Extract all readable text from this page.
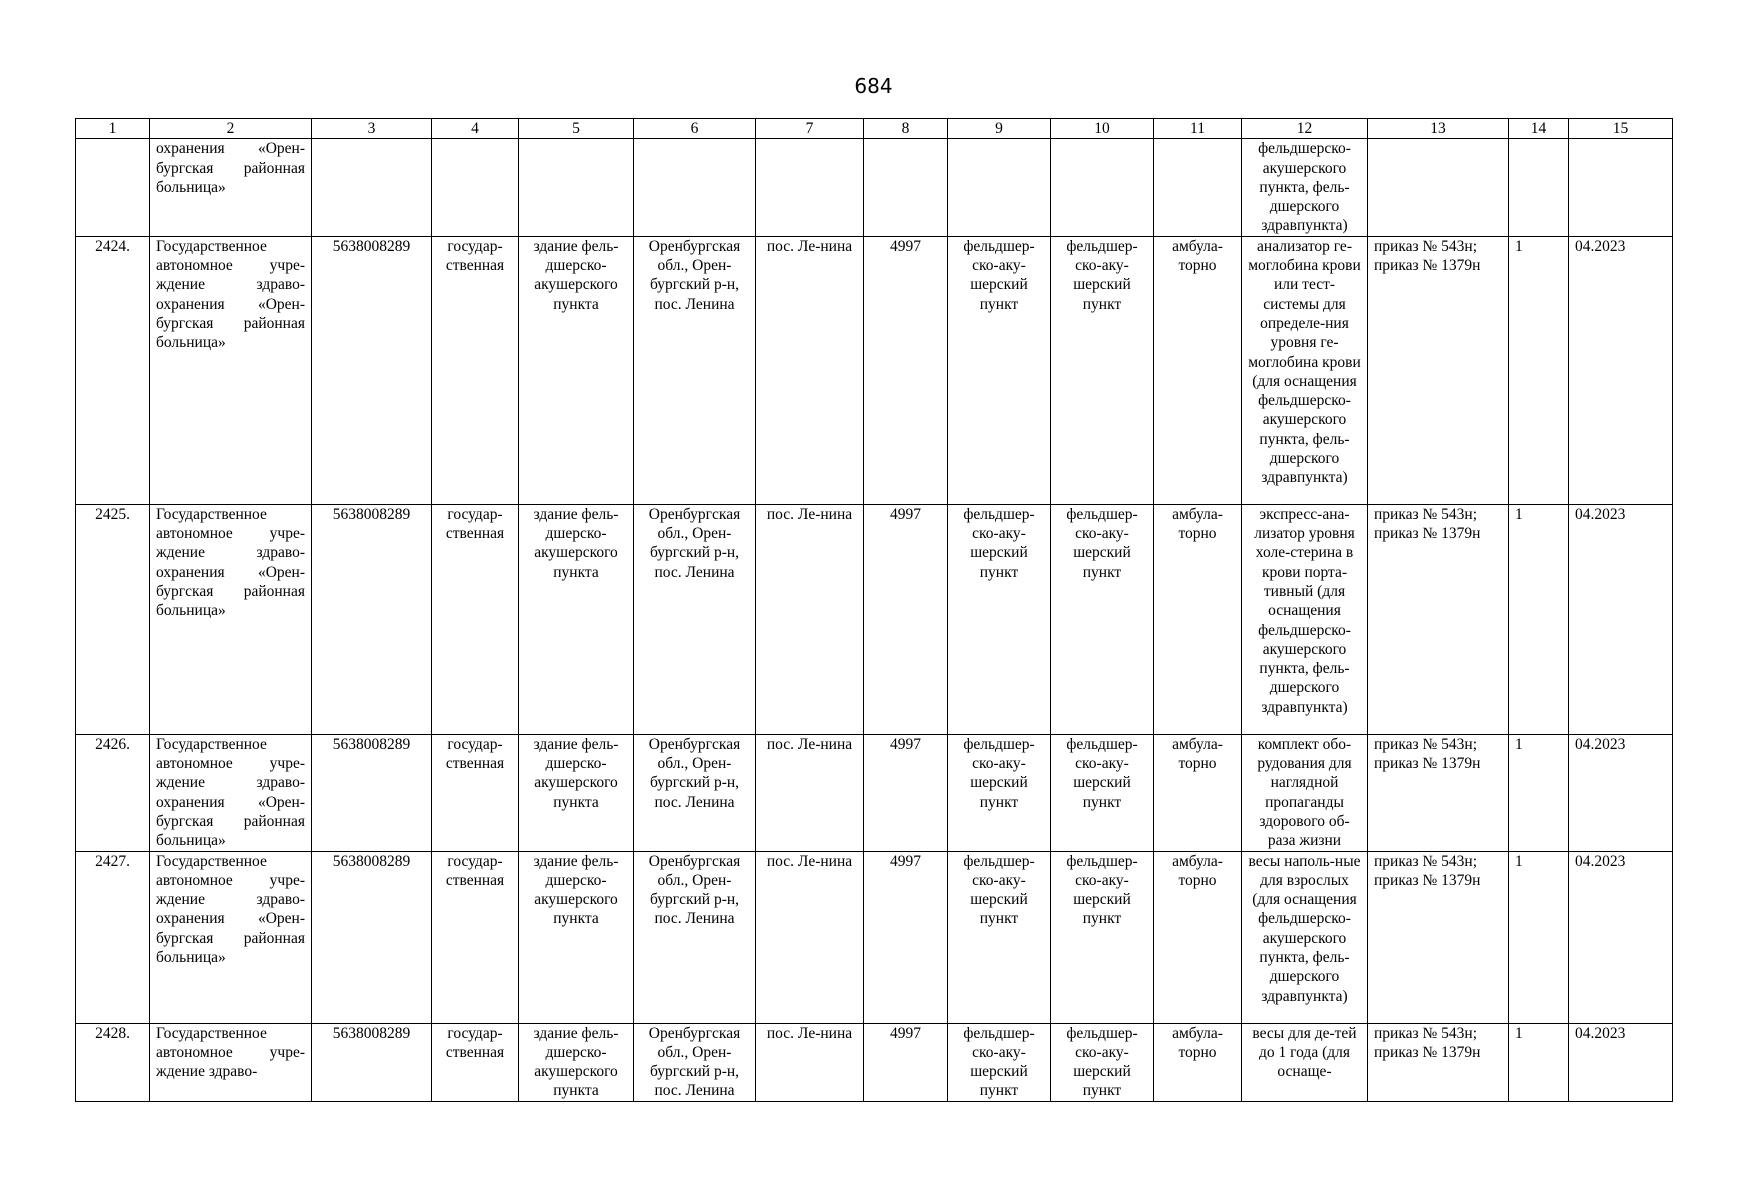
684
1	2	3	4	5	6	7	8	9	10	11	12	13	14	15
	охранения «Орен-бургская районная больница»										фельдшерско-акушерского пункта, фель-дшерского здравпункта)			
2424.	Государственное автономное учре-ждение здраво-охранения «Орен-бургская районная больница»	5638008289	государ-ственная	здание фель-дшерско-акушерского пункта	Оренбургская обл., Орен-бургский р-н, пос. Ленина	пос. Ле-нина	4997	фельдшер-ско-аку-шерский пункт	фельдшер-ско-аку-шерский пункт	амбула-торно	анализатор ге-моглобина крови или тест-системы для определе-ния уровня ге-моглобина крови (для оснащения фельдшерско-акушерского пункта, фель-дшерского здравпункта)	приказ № 543н; приказ № 1379н	1	04.2023
2425.	Государственное автономное учре-ждение здраво-охранения «Орен-бургская районная больница»	5638008289	государ-ственная	здание фель-дшерско-акушерского пункта	Оренбургская обл., Орен-бургский р-н, пос. Ленина	пос. Ле-нина	4997	фельдшер-ско-аку-шерский пункт	фельдшер-ско-аку-шерский пункт	амбула-торно	экспресс-ана-лизатор уровня холе-стерина в крови порта-тивный (для оснащения фельдшерско-акушерского пункта, фель-дшерского здравпункта)	приказ № 543н; приказ № 1379н	1	04.2023
2426.	Государственное автономное учре-ждение здраво-охранения «Орен-бургская районная больница»	5638008289	государ-ственная	здание фель-дшерско-акушерского пункта	Оренбургская обл., Орен-бургский р-н, пос. Ленина	пос. Ле-нина	4997	фельдшер-ско-аку-шерский пункт	фельдшер-ско-аку-шерский пункт	амбула-торно	комплект обо-рудования для наглядной пропаганды здорового об-раза жизни	приказ № 543н; приказ № 1379н	1	04.2023
2427.	Государственное автономное учре-ждение здраво-охранения «Орен-бургская районная больница»	5638008289	государ-ственная	здание фель-дшерско-акушерского пункта	Оренбургская обл., Орен-бургский р-н, пос. Ленина	пос. Ле-нина	4997	фельдшер-ско-аку-шерский пункт	фельдшер-ско-аку-шерский пункт	амбула-торно	весы наполь-ные для взрослых (для оснащения фельдшерско-акушерского пункта, фель-дшерского здравпункта)	приказ № 543н; приказ № 1379н	1	04.2023
2428.	Государственное автономное учре-ждение здраво-	5638008289	государ-ственная	здание фель-дшерско-акушерского пункта	Оренбургская обл., Орен-бургский р-н, пос. Ленина	пос. Ле-нина	4997	фельдшер-ско-аку-шерский пункт	фельдшер-ско-аку-шерский пункт	амбула-торно	весы для де-тей до 1 года (для оснаще-	приказ № 543н; приказ № 1379н	1	04.2023
